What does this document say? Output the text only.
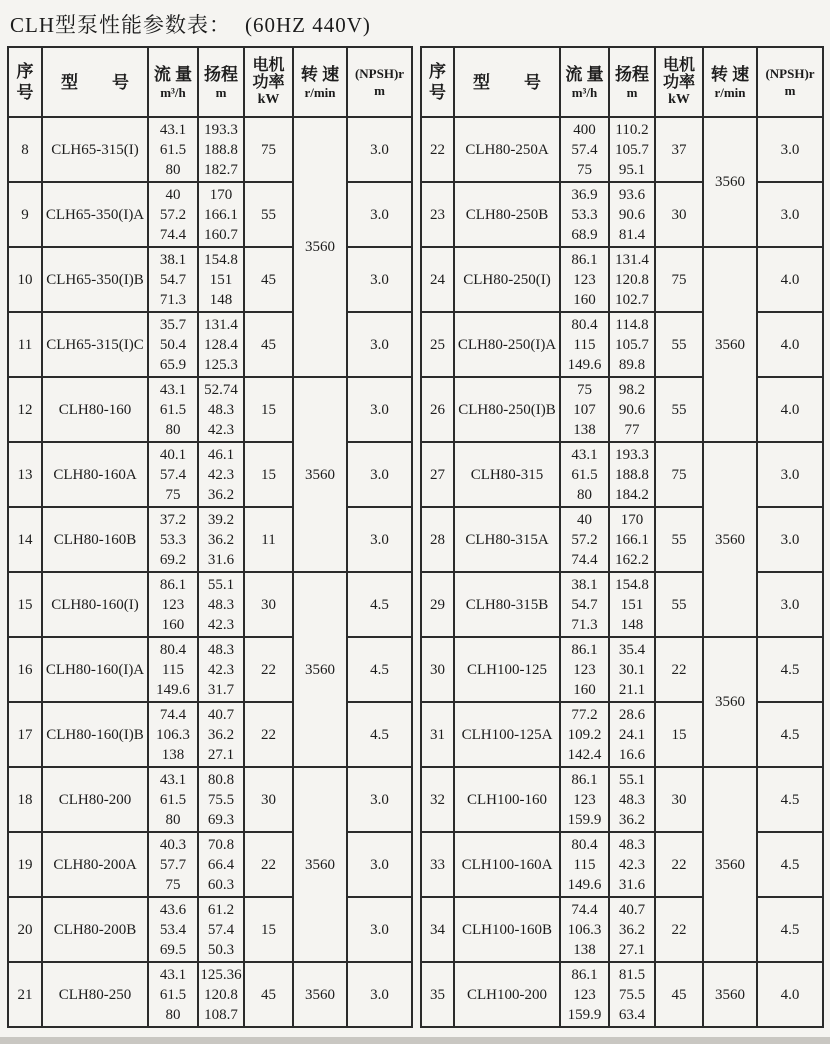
CLH型泵性能参数表： (60HZ 440V)
序
号

型　　号	流 量
m³/h

扬程
m

电机
功率
kW

转 速
r/min

(NPSH)r
m

8	CLH65-315(I)	43.1
61.5
80	193.3
188.8
182.7	75	3560	3.0
9	CLH65-350(I)A	40
57.2
74.4	170
166.1
160.7	55		3.0
10	CLH65-350(I)B	38.1
54.7
71.3	154.8
151
148	45		3.0
11	CLH65-315(I)C	35.7
50.4
65.9	131.4
128.4
125.3	45		3.0
12	CLH80-160	43.1
61.5
80	52.74
48.3
42.3	15	3560	3.0
13	CLH80-160A	40.1
57.4
75	46.1
42.3
36.2	15		3.0
14	CLH80-160B	37.2
53.3
69.2	39.2
36.2
31.6	11		3.0
15	CLH80-160(I)	86.1
123
160	55.1
48.3
42.3	30	3560	4.5
16	CLH80-160(I)A	80.4
115
149.6	48.3
42.3
31.7	22		4.5
17	CLH80-160(I)B	74.4
106.3
138	40.7
36.2
27.1	22		4.5
18	CLH80-200	43.1
61.5
80	80.8
75.5
69.3	30	3560	3.0
19	CLH80-200A	40.3
57.7
75	70.8
66.4
60.3	22		3.0
20	CLH80-200B	43.6
53.4
69.5	61.2
57.4
50.3	15		3.0
21	CLH80-250	43.1
61.5
80	125.36
120.8
108.7	45	3560	3.0
序
号

型　　号	流 量
m³/h

扬程
m

电机
功率
kW

转 速
r/min

(NPSH)r
m

22	CLH80-250A	400
57.4
75	110.2
105.7
95.1	37	3560	3.0
23	CLH80-250B	36.9
53.3
68.9	93.6
90.6
81.4	30		3.0
24	CLH80-250(I)	86.1
123
160	131.4
120.8
102.7	75	3560	4.0
25	CLH80-250(I)A	80.4
115
149.6	114.8
105.7
89.8	55		4.0
26	CLH80-250(I)B	75
107
138	98.2
90.6
77	55		4.0
27	CLH80-315	43.1
61.5
80	193.3
188.8
184.2	75	3560	3.0
28	CLH80-315A	40
57.2
74.4	170
166.1
162.2	55		3.0
29	CLH80-315B	38.1
54.7
71.3	154.8
151
148	55		3.0
30	CLH100-125	86.1
123
160	35.4
30.1
21.1	22	3560	4.5
31	CLH100-125A	77.2
109.2
142.4	28.6
24.1
16.6	15		4.5
32	CLH100-160	86.1
123
159.9	55.1
48.3
36.2	30	3560	4.5
33	CLH100-160A	80.4
115
149.6	48.3
42.3
31.6	22		4.5
34	CLH100-160B	74.4
106.3
138	40.7
36.2
27.1	22		4.5
35	CLH100-200	86.1
123
159.9	81.5
75.5
63.4	45	3560	4.0
